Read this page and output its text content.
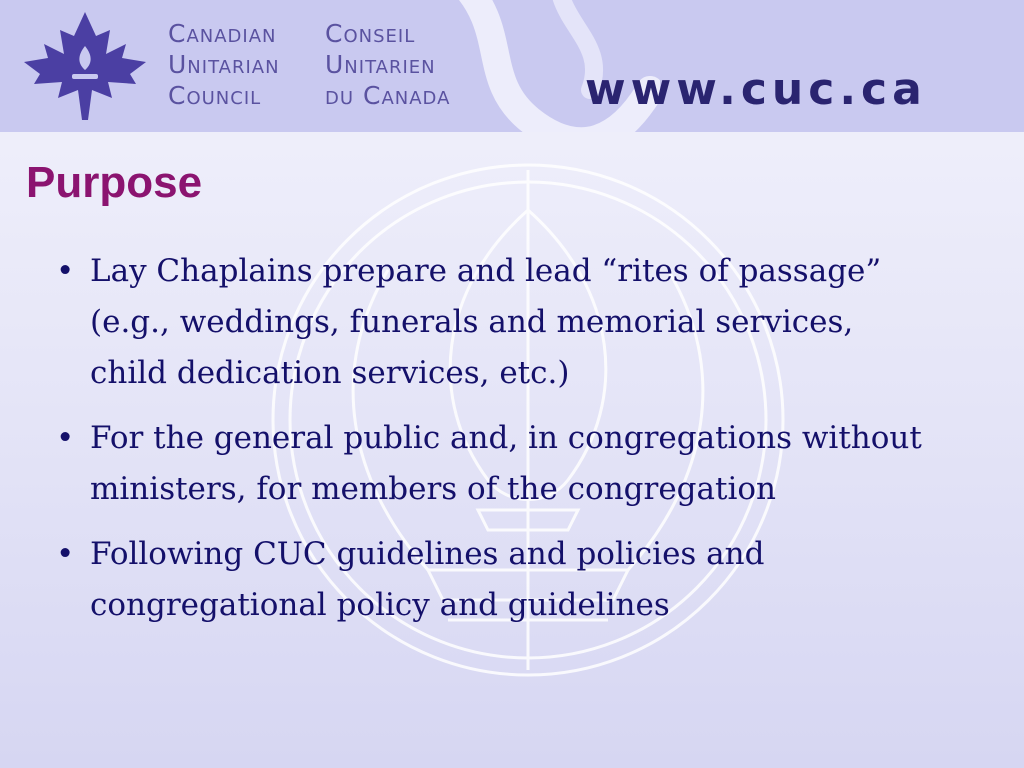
Canadian
Unitarian
Council
Conseil
Unitarien
du Canada	www.cuc.ca
Purpose
• Lay Chaplains prepare and lead “rites of passage” (e.g., weddings, funerals and memorial services, child dedication services, etc.)
• For the general public and, in congregations without ministers, for members of the congregation
• Following CUC guidelines and policies and congregational policy and guidelines
